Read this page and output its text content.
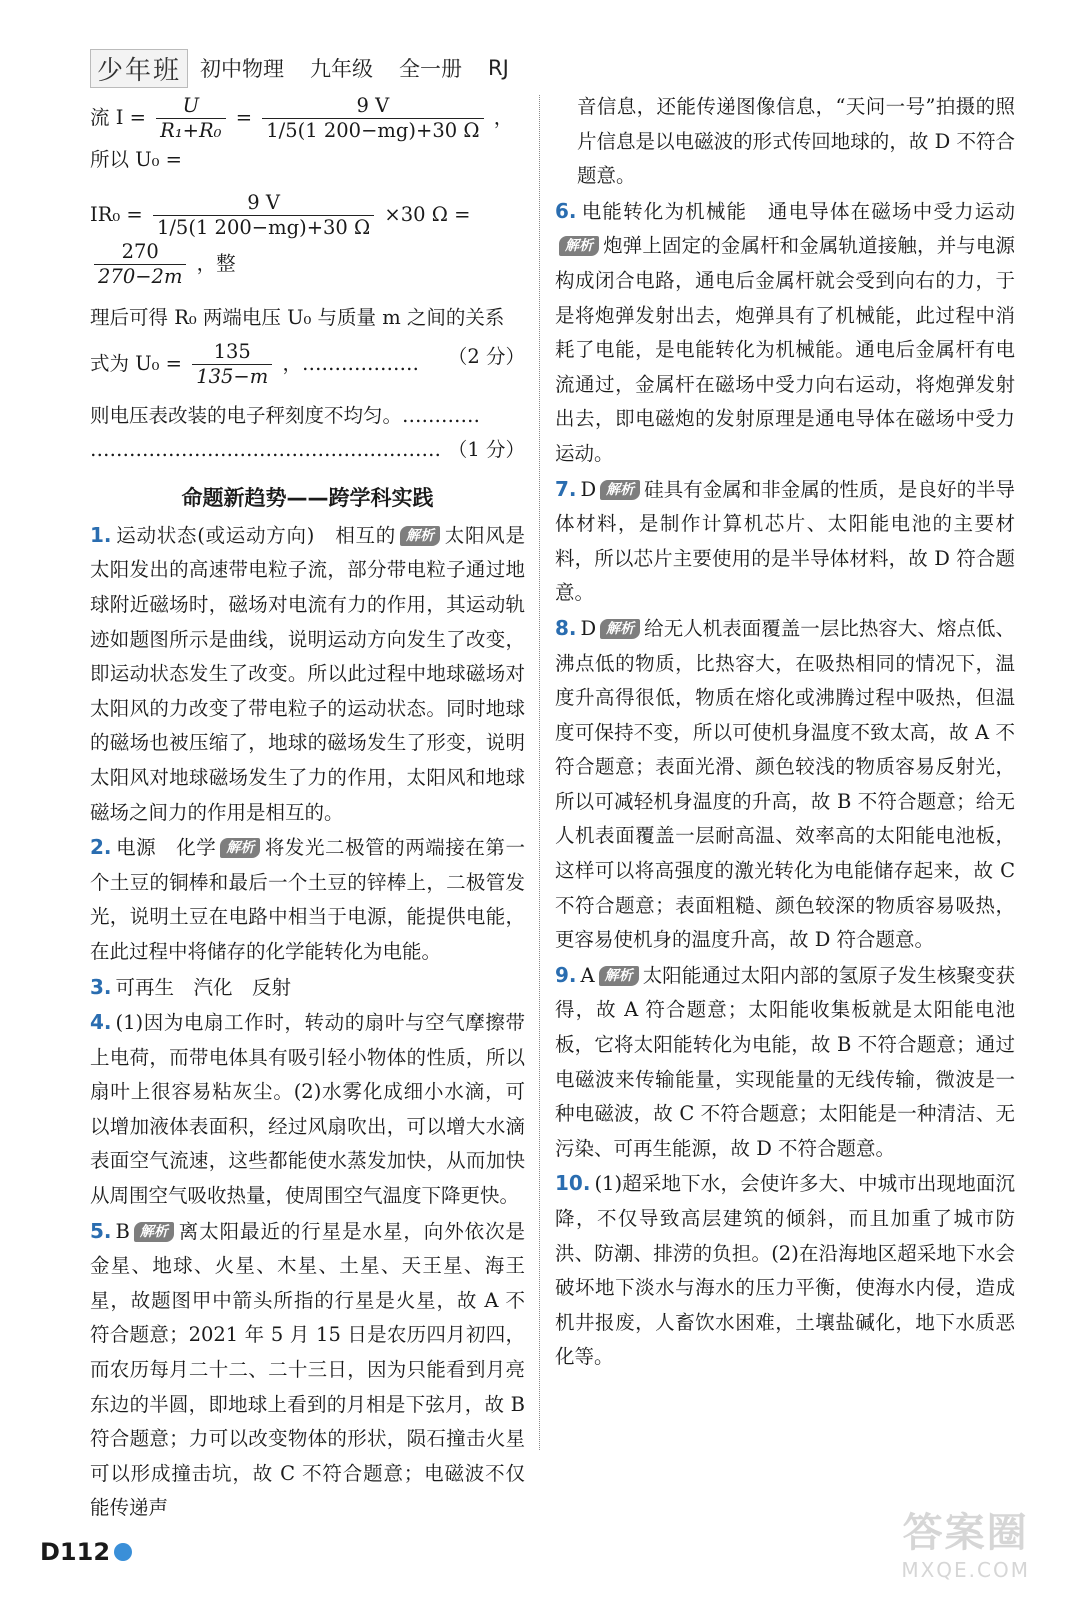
少年班 初中物理 九年级 全一册 RJ
流 $I = \frac{U}{\text{R₁+R₀}} = \frac{9 V}{1/5(1 200-mg)+30 \Omega}$ ，所以 U₀ =
$IR_0 = \frac{9 V}{1/5(1 200-mg)+30 \Omega} \times 30$ Ω =
$\frac{270}{270-2m}$ ，整

理后可得 R₀ 两端电压 U₀ 与质量 m 之间的关系

式为 $U_0 = \frac{135}{135-m}$ ，……………… （2 分）

则电压表改装的电子秤刻度不均匀。…………

……………………………………………… （1 分）

命题新趋势——跨学科实践

1. 运动状态(或运动方向)　相互的 解析 太阳风是太阳发出的高速带电粒子流，部分带电粒子通过地球附近磁场时，磁场对电流有力的作用，其运动轨迹如题图所示是曲线，说明运动方向发生了改变，即运动状态发生了改变。所以此过程中地球磁场对太阳风的力改变了带电粒子的运动状态。同时地球的磁场也被压缩了，地球的磁场发生了形变，说明太阳风对地球磁场发生了力的作用，太阳风和地球磁场之间力的作用是相互的。

2. 电源　化学 解析 将发光二极管的两端接在第一个土豆的铜棒和最后一个土豆的锌棒上，二极管发光，说明土豆在电路中相当于电源，能提供电能，在此过程中将储存的化学能转化为电能。

3. 可再生　汽化　反射

4. (1)因为电扇工作时，转动的扇叶与空气摩擦带上电荷，而带电体具有吸引轻小物体的性质，所以扇叶上很容易粘灰尘。(2)水雾化成细小水滴，可以增加液体表面积，经过风扇吹出，可以增大水滴表面空气流速，这些都能使水蒸发加快，从而加快从周围空气吸收热量，使周围空气温度下降更快。

5. B 解析 离太阳最近的行星是水星，向外依次是金星、地球、火星、木星、土星、天王星、海王星，故题图甲中箭头所指的行星是火星，故 A 不符合题意；2021 年 5 月 15 日是农历四月初四，而农历每月二十二、二十三日，因为只能看到月亮东边的半圆，即地球上看到的月相是下弦月，故 B 符合题意；力可以改变物体的形状，陨石撞击火星可以形成撞击坑，故 C 不符合题意；电磁波不仅能传递声

音信息，还能传递图像信息，“天问一号”拍摄的照片信息是以电磁波的形式传回地球的，故 D 不符合题意。

6. 电能转化为机械能　通电导体在磁场中受力运动解析 炮弹上固定的金属杆和金属轨道接触，并与电源构成闭合电路，通电后金属杆就会受到向右的力，于是将炮弹发射出去，炮弹具有了机械能，此过程中消耗了电能，是电能转化为机械能。通电后金属杆有电流通过，金属杆在磁场中受力向右运动，将炮弹发射出去，即电磁炮的发射原理是通电导体在磁场中受力运动。

7. D 解析 硅具有金属和非金属的性质，是良好的半导体材料，是制作计算机芯片、太阳能电池的主要材料，所以芯片主要使用的是半导体材料，故 D 符合题意。

8. D 解析 给无人机表面覆盖一层比热容大、熔点低、沸点低的物质，比热容大，在吸热相同的情况下，温度升高得很低，物质在熔化或沸腾过程中吸热，但温度可保持不变，所以可使机身温度不致太高，故 A 不符合题意；表面光滑、颜色较浅的物质容易反射光，所以可减轻机身温度的升高，故 B 不符合题意；给无人机表面覆盖一层耐高温、效率高的太阳能电池板，这样可以将高强度的激光转化为电能储存起来，故 C 不符合题意；表面粗糙、颜色较深的物质容易吸热，更容易使机身的温度升高，故 D 符合题意。

9. A 解析 太阳能通过太阳内部的氢原子发生核聚变获得，故 A 符合题意；太阳能收集板就是太阳能电池板，它将太阳能转化为电能，故 B 不符合题意；通过电磁波来传输能量，实现能量的无线传输，微波是一种电磁波，故 C 不符合题意；太阳能是一种清洁、无污染、可再生能源，故 D 不符合题意。

10. (1)超采地下水，会使许多大、中城市出现地面沉降，不仅导致高层建筑的倾斜，而且加重了城市防洪、防潮、排涝的负担。(2)在沿海地区超采地下水会破坏地下淡水与海水的压力平衡，使海水内侵，造成机井报废，人畜饮水困难，土壤盐碱化，地下水质恶化等。

D112	答案圈
MXQE.COM
